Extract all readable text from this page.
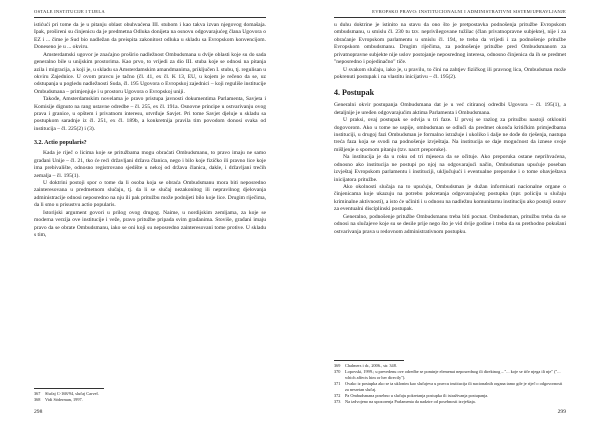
OSTALE INSTITUCIJE I TIJELA

istićući pri tome da je u pitanju oblast obuhvaćena III. stubom i kao takva izvan njegovog domašaja. Ipak, prošireni su ćinjenicu da je predmetna Odluka donijeta na osnovu odgovarajućeg člana Ugovora o EZ i ... čime je Sud bio nadležan da preispita zakonitost odluka u skladu sa Evropskom konvencijom. Doneseno je u ... okviru.

Amsterdamski ugovor je znaćajno proširio nadležnost Ombudsmana u dvije oblasti koje su do sada generalno bile u unijskim prostorima. Kao prvo, to vrijedi za dio III. stuba koje se odnosi na pitanja azila i migracija, a koji je, u skladu sa Amsterdamskim amandmanima, priključen I. stubu, tj. regulisan u okviru Zajednice. U ovom pravcu je tačno (čl. 41, ex čl. K 13, EU, u kojem je rečeno da se, uz odstupanja u pogledu nadležnosti Suda, čl. 195 Ugovora o Evropskoj zajednici – koji reguliše institucije Ombudsmana – primjenjuje i u prostoru Ugovora o Evropskoj uniji.

Takođe, Amsterdamskim novelama je pravo pristupa javnosti dokumentima Parlamenta, Savjeta i Komisije dignuto na rang ustavne odredbe – čl. 255, ex čl. 191a. Osnovne principe u ostvarivanju ovog prava i granice, u opštem i privatnom interesu, utvrđuje Savjet. Pri tome Savjet djeluje u skladu sa postupkom saradnje iz čl. 251, ex čl. 189b, a konkretnija pravila tim povodom donosi svaka od institucija – čl. 225(2) i (3).

3.2. Actio popularis?

Kada je riječ o licima koje se pritužbama mogu obraćati Ombudsmanu, to pravo imaju ne samo građani Unije – čl. 21, tko će reći državljani država članica, nego i bilo koje fizičko ili pravno lice koje ima prebivalište, odnosno registrovano sjedište u nekoj od država članica, dakle, i državljani trećih zemalja – čl. 195(1).

U doktrini postoji spor o tome da li osoba koja se obraća Ombudsmanu mora biti neposredno zainteresovana u predmetnom slučaju, tj. da li se slučaj nezakonitog ili nepravilnog djelovanja administracije odnosi neposredno na nju ili pak pritužbu može podnijeti bilo koje lice. Drugim riječima, da li smo u prisustvu actio popularis.

Istorijski argument govori u prilog ovog drugog. Naime, u nordijskim zemljama, za koje se moderna verzija ove institucije i veže, pravo pritužbe pripada svim građanima. Stoviše, građani imaju pravo da se obrate Ombudsmanu, iako se oni koji su neposredno zainteresovani tome protive. U skladu s tim,

367	Slučaj C-168/94, slučaj Carvel.
368	Vidi Söderman, 1997.
298
EVROPSKO PRAVO: INSTITUCIONALNI I ADMINISTRATIVNI SISTEM/UPRAVLJANJE

u duhu doktrine je istinito na stavu da ono što je pretpostavka podnošenja pritužbe Evropskom ombudsmanu, u smislu čl. 230 tu tzv. neprivilegovane tužilac (član privatnopravne subjekte), nije i za obraćanje Evropskom parlamentu u smislu čl. 194, te treba da vrijedi i za podnošenje pritužbe Evropskom ombudsmanu. Drugim riječima, za podnošenje pritužbe pred Ombudsmanom za privatnopravne subjekte nije uslov postojanje neposrednog interesa, odnosno činjenica da ih se predmet "neposredno i pojedinačno" tiče.

U svakom slučaju, iako je, u pravilu, to čini na zahtjev fizičkog ili pravnog lica, Ombudsman može pokrenuti postupak i na vlastitu inicijativu – čl. 195(2).

4. Postupak

Generalni okvir postupanja Ombudsmana dat je u već citiranoj odredbi Ugovora – čl. 195(1), a detaljnije je uređen odgovarajućim aktima Parlamenta i Ombudsmana.

U praksi, ovaj postupak se odvija u tri faze. U prvoj se razlog za pritužbu nastoji otkloniti dogovorom. Ako u tome ne uspije, ombudsman se odluči da predmet okonča kritičkim primjedbama instituciji, u drugoj fazi Ombudsman je formalno istražuje i ukoliko i dalje ne dođe do rješenja, nastupa treća faza koja se svodi na podnošenje izvještaja. Na institucija se daje mogućnost da iznese svoje mišljenje o spornom pitanju (tzv. nacrt preporuke).

Na institucija je da u roku od tri mjeseca da se očituje. Ako preporuka ostane neprihvaćena, odnosno ako institucija ne postupi po njoj na odgovarajući način, Ombudsman upućuje poseban izvještaj Evropskom parlamentu i instituciji, uključujući i eventualne preporuke i o tome obavještava inicijatora pritužbe.

Ako okolnosti slučaja na to upućuju, Ombudsman je dužan informisati nacionalne organe o činjenicama koje ukazuju na potrebu pokretanja odgovarajućeg postupka (npr. policiju u slučaju kriminalne aktivnosti), a isto će učiniti i u odnosu na nadležnu komunitarnu instituciju ako postoji osnov za eventualni disciplinski postupak.

Generalno, podnošenje pritužbe Ombudsmanu treba biti pocnat. Ombudsman, pritužbu treba da se odnosi na slučajeve koje su se desile prije nego što je vid dvije godine i treba da su prethodno pokušani ostvarivanja prava u redovnom administrativnom postupku.

369	Chalmers i dr., 2006., str. 348.
370	Lopovski, 1999.; u prevedenu ove odredbe se pominje elemenat neposrednog ili direktnog – "... koje se tiče njega ili nje" ("... which affects him or her directly").
371	Ovako iz postupka ako se ta uklonim kao slučajeva u pravcu institucija ili nacionalnih organa tamo gde je riječ o odgovornosti za nesretan slučaj.
372	Pa Ombudsmana posebno u slučaju pokretanja postupka ili istraživanja postupanja.
373	Na izdvojeno na upozorenja Parlamenta da nadzire od posebnosti izvještaja.
299
